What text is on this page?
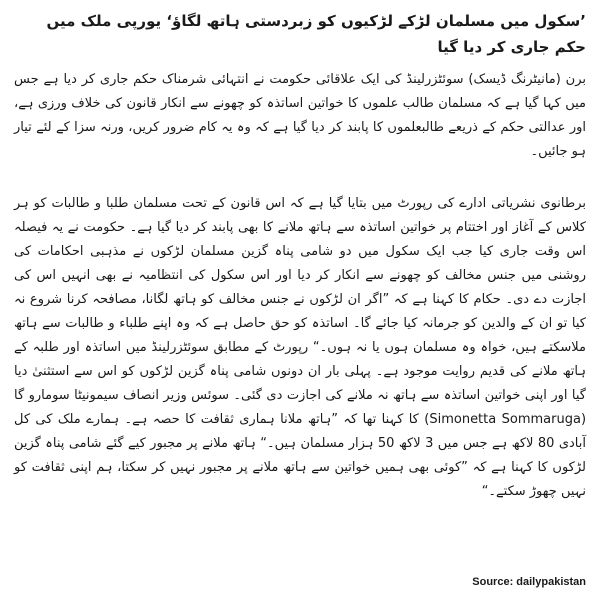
’سکول میں مسلمان لڑکے لڑکیوں کو زبردستی ہاتھ لگاؤ‘ یورپی ملک میں حکم جاری کر دیا گیا

برن (مانیٹرنگ ڈیسک) سوئٹزرلینڈ کی ایک علاقائی حکومت نے انتہائی شرمناک حکم جاری کر دیا ہے جس میں کہا گیا ہے کہ مسلمان طالب علموں کا خواتین اساتذہ کو چھونے سے انکار قانون کی خلاف ورزی ہے، اور عدالتی حکم کے ذریعے طالبعلموں کا پابند کر دیا گیا ہے کہ وہ یہ کام ضرور کریں، ورنہ سزا کے لئے تیار ہو جائیں۔

برطانوی نشریاتی ادارے کی رپورٹ میں بتایا گیا ہے کہ اس قانون کے تحت مسلمان طلبا و طالبات کو ہر کلاس کے آغاز اور اختتام پر خواتین اساتذہ سے ہاتھ ملانے کا بھی پابند کر دیا گیا ہے۔ حکومت نے یہ فیصلہ اس وقت جاری کیا جب ایک سکول میں دو شامی پناہ گزین مسلمان لڑکوں نے مذہبی احکامات کی روشنی میں جنس مخالف کو چھونے سے انکار کر دیا اور اس سکول کی انتظامیہ نے بھی انہیں اس کی اجازت دے دی۔ حکام کا کہنا ہے کہ ”اگر ان لڑکوں نے جنس مخالف کو ہاتھ لگانا، مصافحہ کرنا شروع نہ کیا تو ان کے والدین کو جرمانہ کیا جائے گا۔ اساتذہ کو حق حاصل ہے کہ وہ اپنے طلباء و طالبات سے ہاتھ ملاسکتے ہیں، خواہ وہ مسلمان ہوں یا نہ ہوں۔“ رپورٹ کے مطابق سوئٹزرلینڈ میں اساتذہ اور طلبہ کے ہاتھ ملانے کی قدیم روایت موجود ہے۔ پہلی بار ان دونوں شامی پناہ گزین لڑکوں کو اس سے استثنیٰ دیا گیا اور اپنی خواتین اساتذہ سے ہاتھ نہ ملانے کی اجازت دی گئی۔ سوئس وزیر انصاف سیمونیٹا سومارو گا (Simonetta Sommaruga) کا کہنا تھا کہ ”ہاتھ ملانا ہماری ثقافت کا حصہ ہے۔ ہمارے ملک کی کل آبادی 80 لاکھ ہے جس میں 3 لاکھ 50 ہزار مسلمان ہیں۔“ ہاتھ ملانے پر مجبور کیے گئے شامی پناہ گزین لڑکوں کا کہنا ہے کہ ”کوئی بھی ہمیں خواتین سے ہاتھ ملانے پر مجبور نہیں کر سکتا، ہم اپنی ثقافت کو نہیں چھوڑ سکتے۔“

Source: dailypakistan
